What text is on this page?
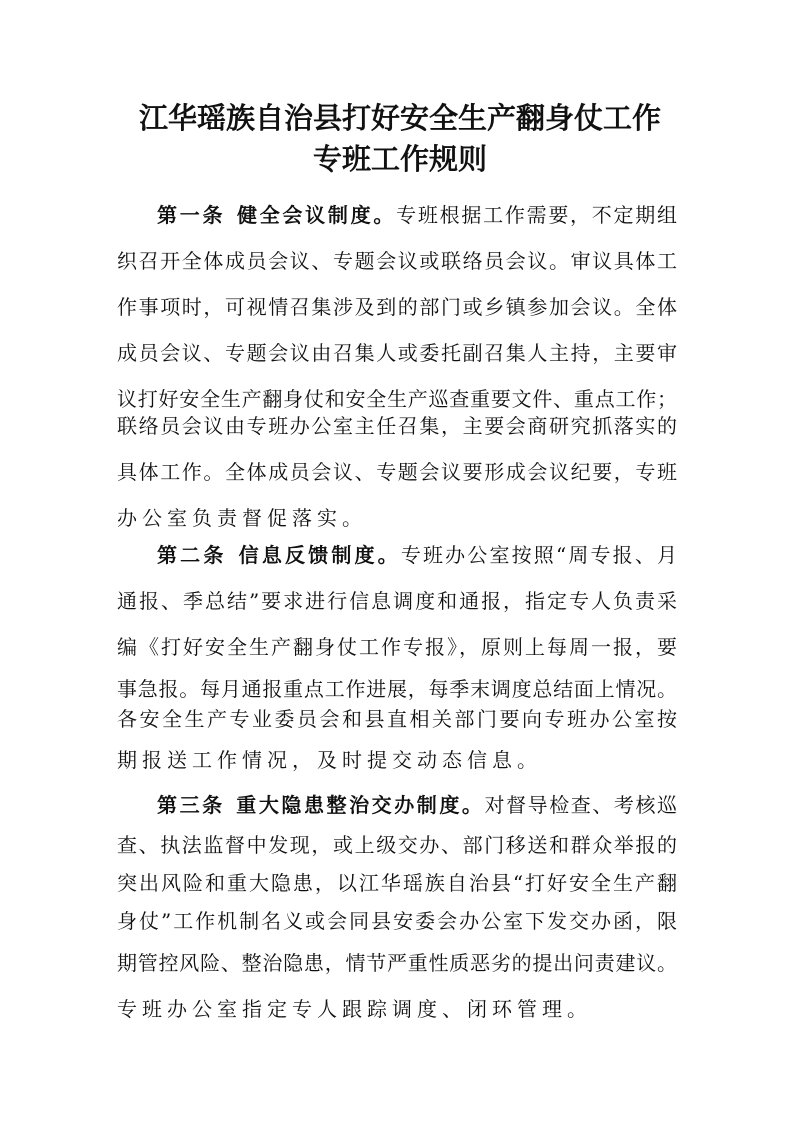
江华瑶族自治县打好安全生产翻身仗工作
专班工作规则
第一条 健全会议制度。专班根据工作需要，不定期组
织召开全体成员会议、专题会议或联络员会议。审议具体工
作事项时，可视情召集涉及到的部门或乡镇参加会议。全体
成员会议、专题会议由召集人或委托副召集人主持，主要审
议打好安全生产翻身仗和安全生产巡查重要文件、重点工作；
联络员会议由专班办公室主任召集，主要会商研究抓落实的
具体工作。全体成员会议、专题会议要形成会议纪要，专班
办公室负责督促落实。
第二条 信息反馈制度。专班办公室按照“周专报、月
通报、季总结”要求进行信息调度和通报，指定专人负责采
编《打好安全生产翻身仗工作专报》，原则上每周一报，要
事急报。每月通报重点工作进展，每季末调度总结面上情况。
各安全生产专业委员会和县直相关部门要向专班办公室按
期报送工作情况，及时提交动态信息。
第三条 重大隐患整治交办制度。对督导检查、考核巡
查、执法监督中发现，或上级交办、部门移送和群众举报的
突出风险和重大隐患，以江华瑶族自治县“打好安全生产翻
身仗”工作机制名义或会同县安委会办公室下发交办函，限
期管控风险、整治隐患，情节严重性质恶劣的提出问责建议。
专班办公室指定专人跟踪调度、闭环管理。
